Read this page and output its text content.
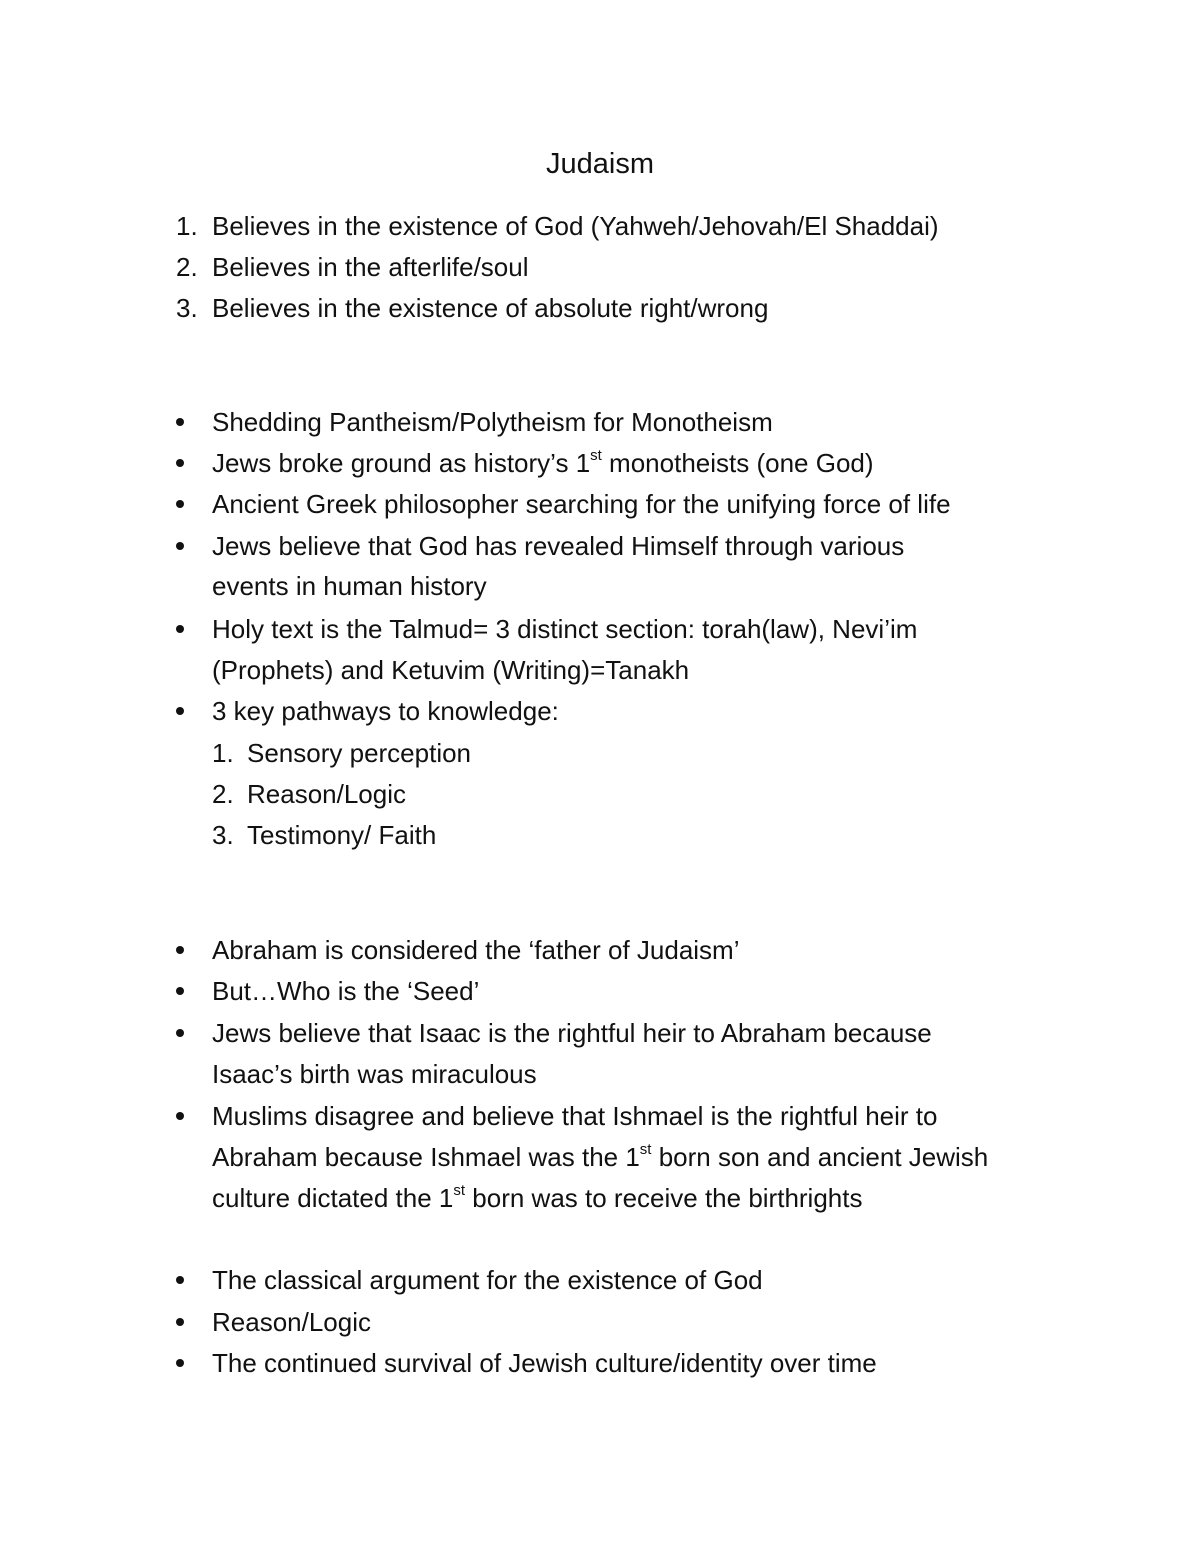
Judaism
1. Believes in the existence of God (Yahweh/Jehovah/El Shaddai)
2. Believes in the afterlife/soul
3. Believes in the existence of absolute right/wrong
Shedding Pantheism/Polytheism for Monotheism
Jews broke ground as history’s 1st monotheists (one God)
Ancient Greek philosopher searching for the unifying force of life
Jews believe that God has revealed Himself through various
events in human history
Holy text is the Talmud= 3 distinct section: torah(law), Nevi’im
(Prophets) and Ketuvim (Writing)=Tanakh
3 key pathways to knowledge:
1. Sensory perception
2. Reason/Logic
3. Testimony/ Faith
Abraham is considered the ‘father of Judaism’
But…Who is the ‘Seed’
Jews believe that Isaac is the rightful heir to Abraham because
Isaac’s birth was miraculous
Muslims disagree and believe that Ishmael is the rightful heir to
Abraham because Ishmael was the 1st born son and ancient Jewish
culture dictated the 1st born was to receive the birthrights
The classical argument for the existence of God
Reason/Logic
The continued survival of Jewish culture/identity over time
